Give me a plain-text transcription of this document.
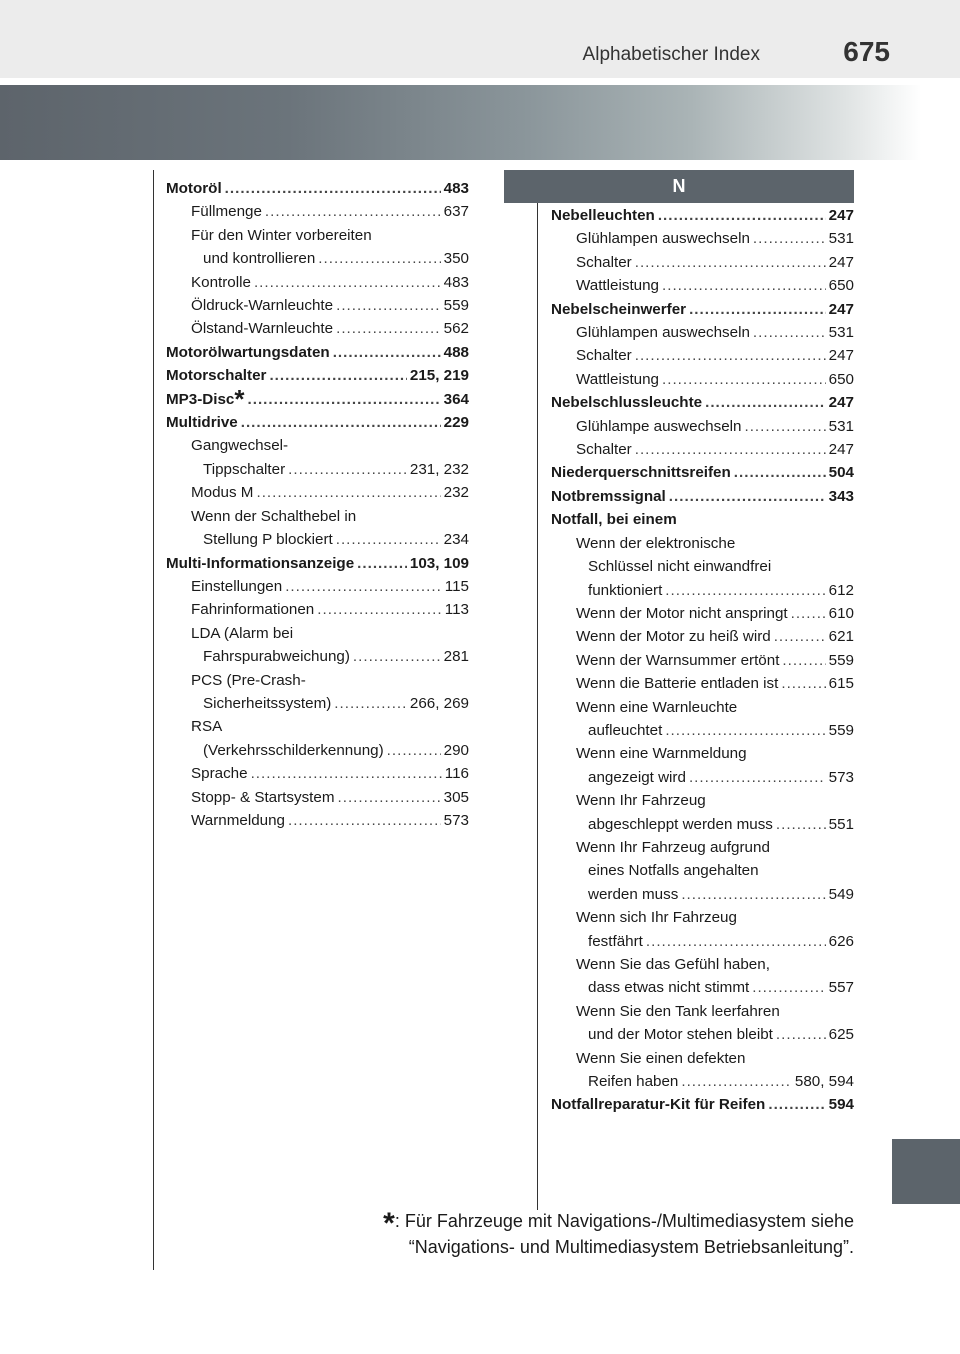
Alphabetischer Index	675
N
Motoröl .....	483
Füllmenge .....	637
Für den Winter vorbereiten
und kontrollieren .....	350
Kontrolle .....	483
Öldruck-Warnleuchte .....	559
Ölstand-Warnleuchte .....	562
Motorölwartungsdaten .....	488
Motorschalter .....	215, 219
MP3-Disc * .....	364
Multidrive .....	229
Gangwechsel-
Tippschalter .....	231, 232
Modus M .....	232
Wenn der Schalthebel in
Stellung P blockiert .....	234
Multi-Informationsanzeige .....	103, 109
Einstellungen .....	115
Fahrinformationen .....	113
LDA (Alarm bei
Fahrspurabweichung) .....	281
PCS (Pre-Crash-
Sicherheitssystem) .....	266, 269
RSA
(Verkehrsschilderkennung) .....	290
Sprache .....	116
Stopp- & Startsystem .....	305
Warnmeldung .....	573
Nebelleuchten .....	247
Glühlampen auswechseln .....	531
Schalter .....	247
Wattleistung .....	650
Nebelscheinwerfer .....	247
Glühlampen auswechseln .....	531
Schalter .....	247
Wattleistung .....	650
Nebelschlussleuchte .....	247
Glühlampe auswechseln .....	531
Schalter .....	247
Niederquerschnittsreifen .....	504
Notbremssignal .....	343
Notfall, bei einem
Wenn der elektronische
Schlüssel nicht einwandfrei
funktioniert .....	612
Wenn der Motor nicht anspringt .....	610
Wenn der Motor zu heiß wird .....	621
Wenn der Warnsummer ertönt .....	559
Wenn die Batterie entladen ist .....	615
Wenn eine Warnleuchte
aufleuchtet .....	559
Wenn eine Warnmeldung
angezeigt wird .....	573
Wenn Ihr Fahrzeug
abgeschleppt werden muss .....	551
Wenn Ihr Fahrzeug aufgrund
eines Notfalls angehalten
werden muss .....	549
Wenn sich Ihr Fahrzeug
festfährt .....	626
Wenn Sie das Gefühl haben,
dass etwas nicht stimmt .....	557
Wenn Sie den Tank leerfahren
und der Motor stehen bleibt .....	625
Wenn Sie einen defekten
Reifen haben .....	580, 594
Notfallreparatur-Kit für Reifen .....	594
*: Für Fahrzeuge mit Navigations-/Multimediasystem siehe
“Navigations- und Multimediasystem Betriebsanleitung”.
